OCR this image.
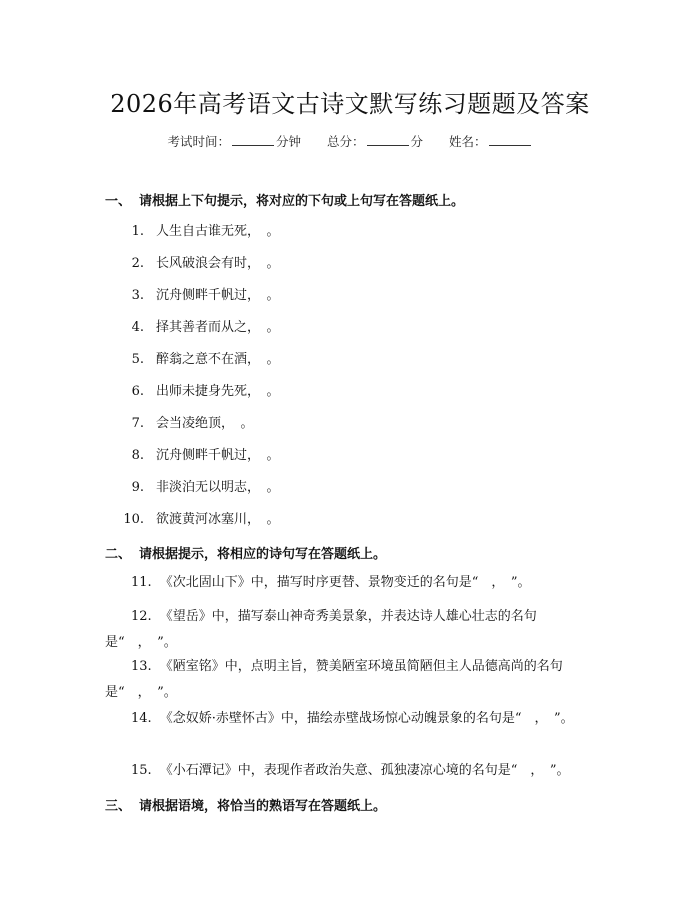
2026年高考语文古诗文默写练习题题及答案
考试时间：	分钟 总分：	分 姓名：
一、 请根据上下句提示，将对应的下句或上句写在答题纸上。
1. 人生自古谁无死，　。
2. 长风破浪会有时，　。
3. 沉舟侧畔千帆过，　。
4. 择其善者而从之，　。
5. 醉翁之意不在酒，　。
6. 出师未捷身先死，　。
7. 会当凌绝顶，　。
8. 沉舟侧畔千帆过，　。
9. 非淡泊无以明志，　。
10. 欲渡黄河冰塞川，　。
二、 请根据提示，将相应的诗句写在答题纸上。
11. 《次北固山下》中，描写时序更替、景物变迁的名句是“　，　”。
12. 《望岳》中，描写泰山神奇秀美景象，并表达诗人雄心壮志的名句是“　，　”。
13. 《陋室铭》中，点明主旨，赞美陋室环境虽简陋但主人品德高尚的名句是“　，　”。
14. 《念奴娇·赤壁怀古》中，描绘赤壁战场惊心动魄景象的名句是“　，　”。
15. 《小石潭记》中，表现作者政治失意、孤独凄凉心境的名句是“　，　”。
三、 请根据语境，将恰当的熟语写在答题纸上。
